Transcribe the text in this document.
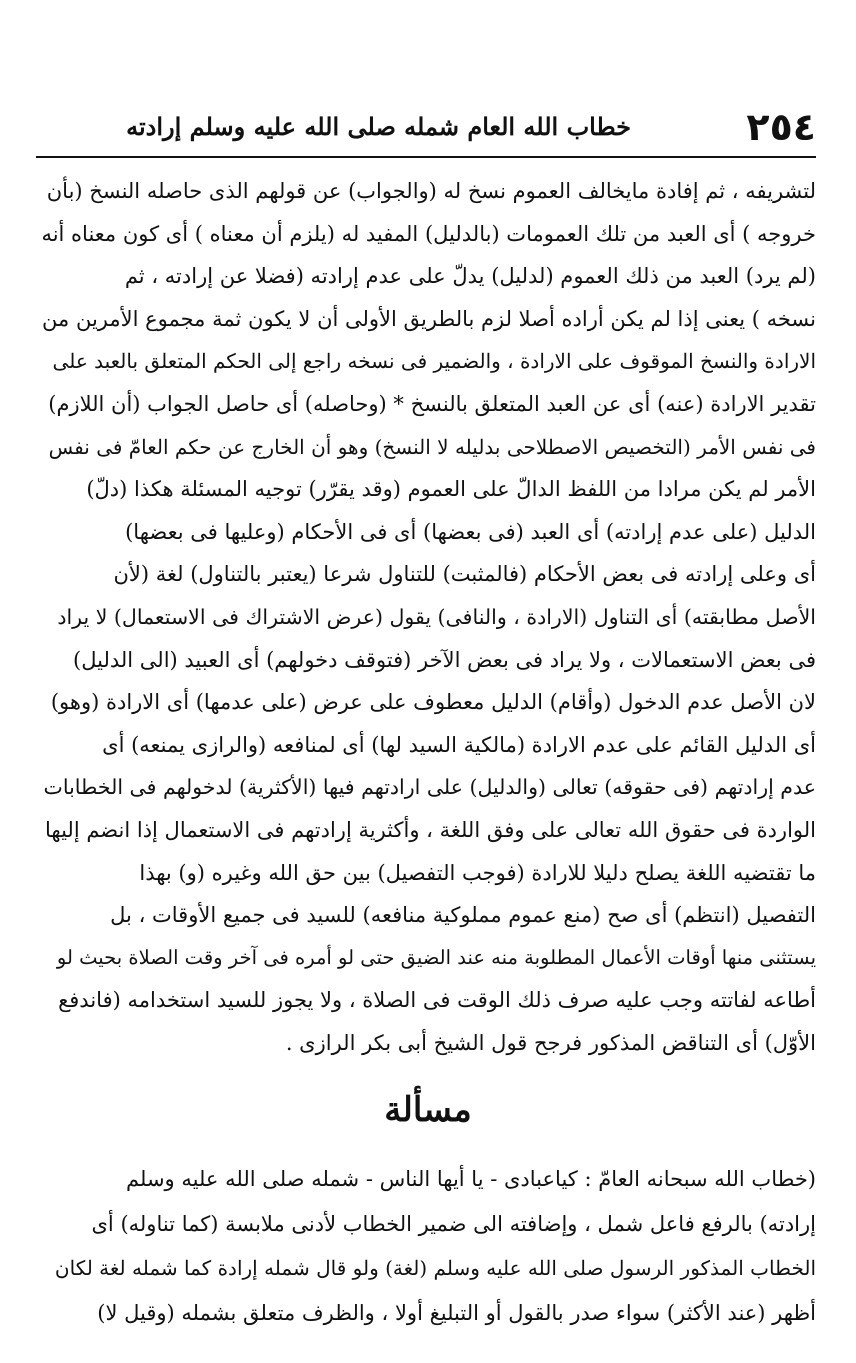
٢٥٤
خطاب الله العام شمله صلى الله عليه وسلم إرادته
لتشريفه ، ثم إفادة مايخالف العموم نسخ له (والجواب) عن قولهم الذى حاصله النسخ (بأن
خروجه ) أى العبد من تلك العمومات (بالدليل) المفيد له (يلزم أن معناه ) أى كون معناه أنه
(لم يرد) العبد من ذلك العموم (لدليل) يدلّ على عدم إرادته (فضلا عن إرادته ، ثم
نسخه ) يعنى إذا لم يكن أراده أصلا لزم بالطريق الأولى أن لا يكون ثمة مجموع الأمرين من
الارادة والنسخ الموقوف على الارادة ، والضمير فى نسخه راجع إلى الحكم المتعلق بالعبد على
تقدير الارادة (عنه) أى عن العبد المتعلق بالنسخ * (وحاصله) أى حاصل الجواب (أن اللازم)
فى نفس الأمر (التخصيص الاصطلاحى بدليله لا النسخ) وهو أن الخارج عن حكم العامّ فى نفس
الأمر لم يكن مرادا من اللفظ الدالّ على العموم (وقد يقرّر) توجيه المسئلة هكذا (دلّ)
الدليل (على عدم إرادته) أى العبد (فى بعضها) أى فى الأحكام (وعليها فى بعضها)
أى وعلى إرادته فى بعض الأحكام (فالمثبت) للتناول شرعا (يعتبر بالتناول) لغة (لأن
الأصل مطابقته) أى التناول (الارادة ، والنافى) يقول (عرض الاشتراك فى الاستعمال) لا يراد
فى بعض الاستعمالات ، ولا يراد فى بعض الآخر (فتوقف دخولهم) أى العبيد (الى الدليل)
لان الأصل عدم الدخول (وأقام) الدليل معطوف على عرض (على عدمها) أى الارادة (وهو)
أى الدليل القائم على عدم الارادة (مالكية السيد لها) أى لمنافعه (والرازى يمنعه) أى
عدم إرادتهم (فى حقوقه) تعالى (والدليل) على ارادتهم فيها (الأكثرية) لدخولهم فى الخطابات
الواردة فى حقوق الله تعالى على وفق اللغة ، وأكثرية إرادتهم فى الاستعمال إذا انضم إليها
ما تقتضيه اللغة يصلح دليلا للارادة (فوجب التفصيل) بين حق الله وغيره (و) بهذا
التفصيل (انتظم) أى صح (منع عموم مملوكية منافعه) للسيد فى جميع الأوقات ، بل
يستثنى منها أوقات الأعمال المطلوبة منه عند الضيق حتى لو أمره فى آخر وقت الصلاة بحيث لو
أطاعه لفاتته وجب عليه صرف ذلك الوقت فى الصلاة ، ولا يجوز للسيد استخدامه (فاندفع
الأوّل) أى التناقض المذكور فرجح قول الشيخ أبى بكر الرازى .
مسألة
(خطاب الله سبحانه العامّ : كياعبادى - يا أيها الناس - شمله صلى الله عليه وسلم
إرادته) بالرفع فاعل شمل ، وإضافته الى ضمير الخطاب لأدنى ملابسة (كما تناوله) أى
الخطاب المذكور الرسول صلى الله عليه وسلم (لغة) ولو قال شمله إرادة كما شمله لغة لكان
أظهر (عند الأكثر) سواء صدر بالقول أو التبليغ أولا ، والظرف متعلق بشمله (وقيل لا)
